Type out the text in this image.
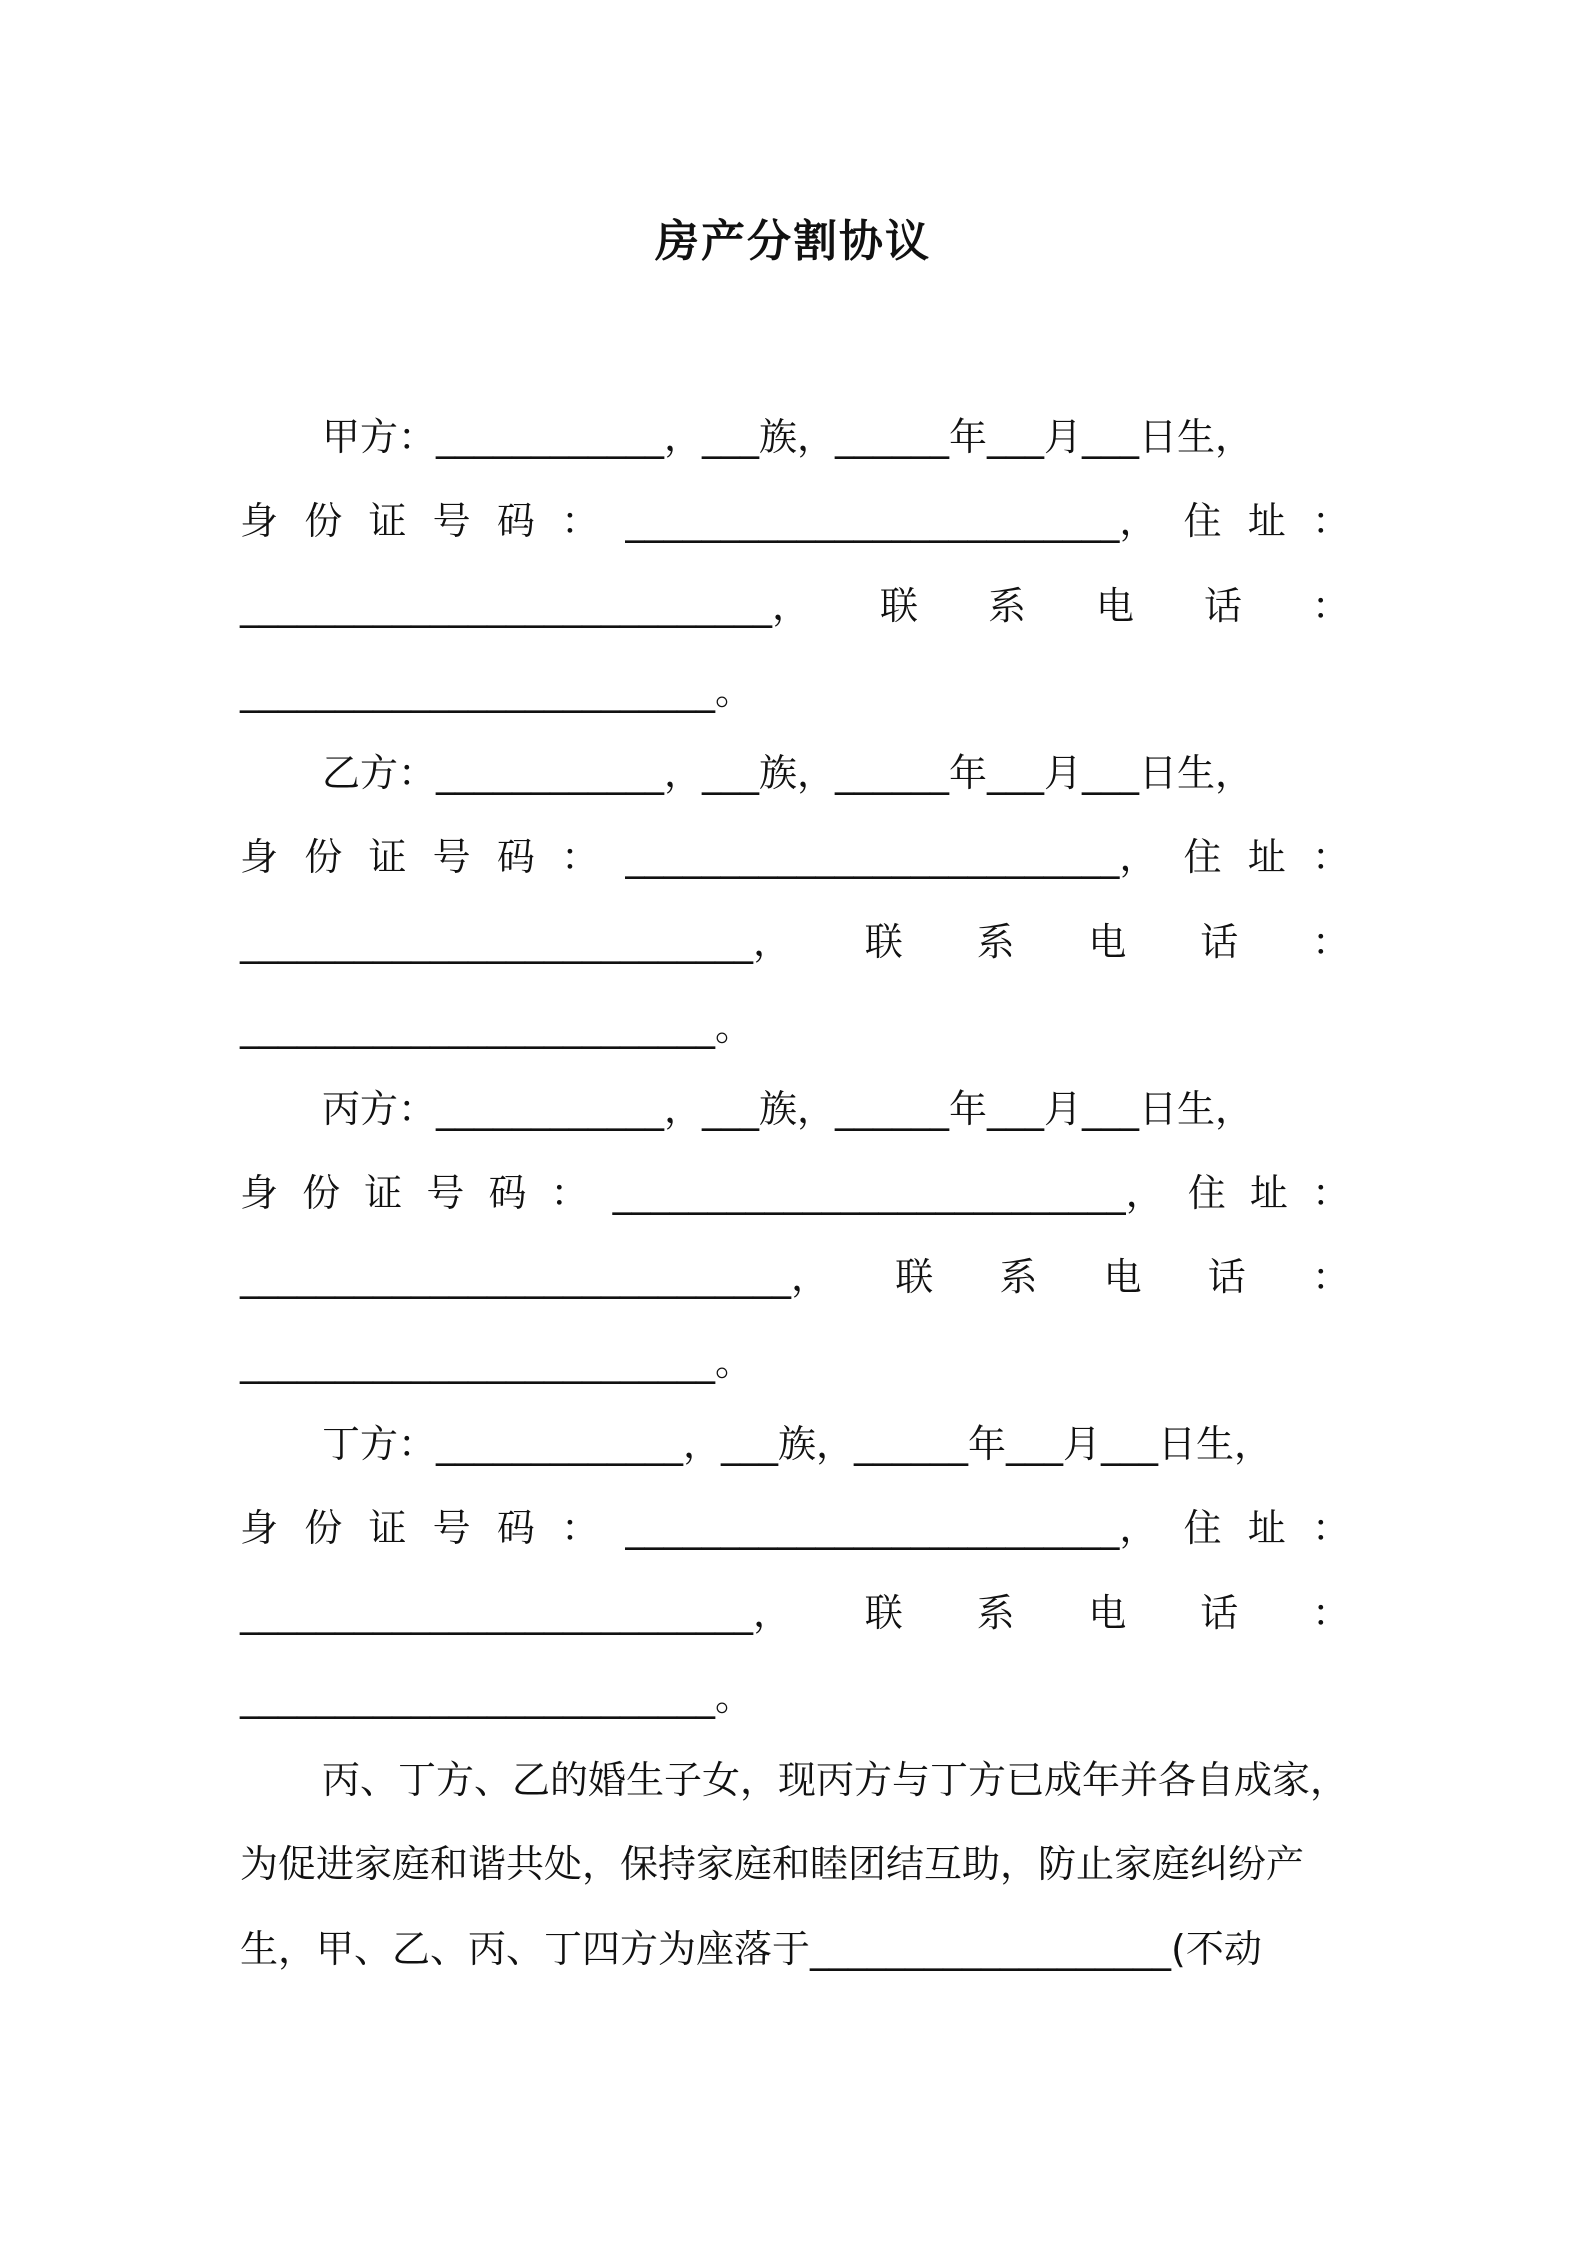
房产分割协议
甲方：____________，___族，______年___月___日生，
身 份 证 号 码 ： __________________________， 住 址 ：
____________________________， 联 系 电 话 ：
_________________________。
乙方：____________，___族，______年___月___日生，
身 份 证 号 码 ： __________________________， 住 址 ：
___________________________， 联 系 电 话 ：
_________________________。
丙方：____________，___族，______年___月___日生，
身 份 证 号 码 ： ___________________________， 住 址 ：
_____________________________， 联 系 电 话 ：
_________________________。
丁方：_____________，___族，______年___月___日生，
身 份 证 号 码 ： __________________________， 住 址 ：
___________________________， 联 系 电 话 ：
_________________________。
丙、丁方、乙的婚生子女，现丙方与丁方已成年并各自成家，
为促进家庭和谐共处，保持家庭和睦团结互助，防止家庭纠纷产
生，甲、乙、丙、丁四方为座落于___________________(不动
